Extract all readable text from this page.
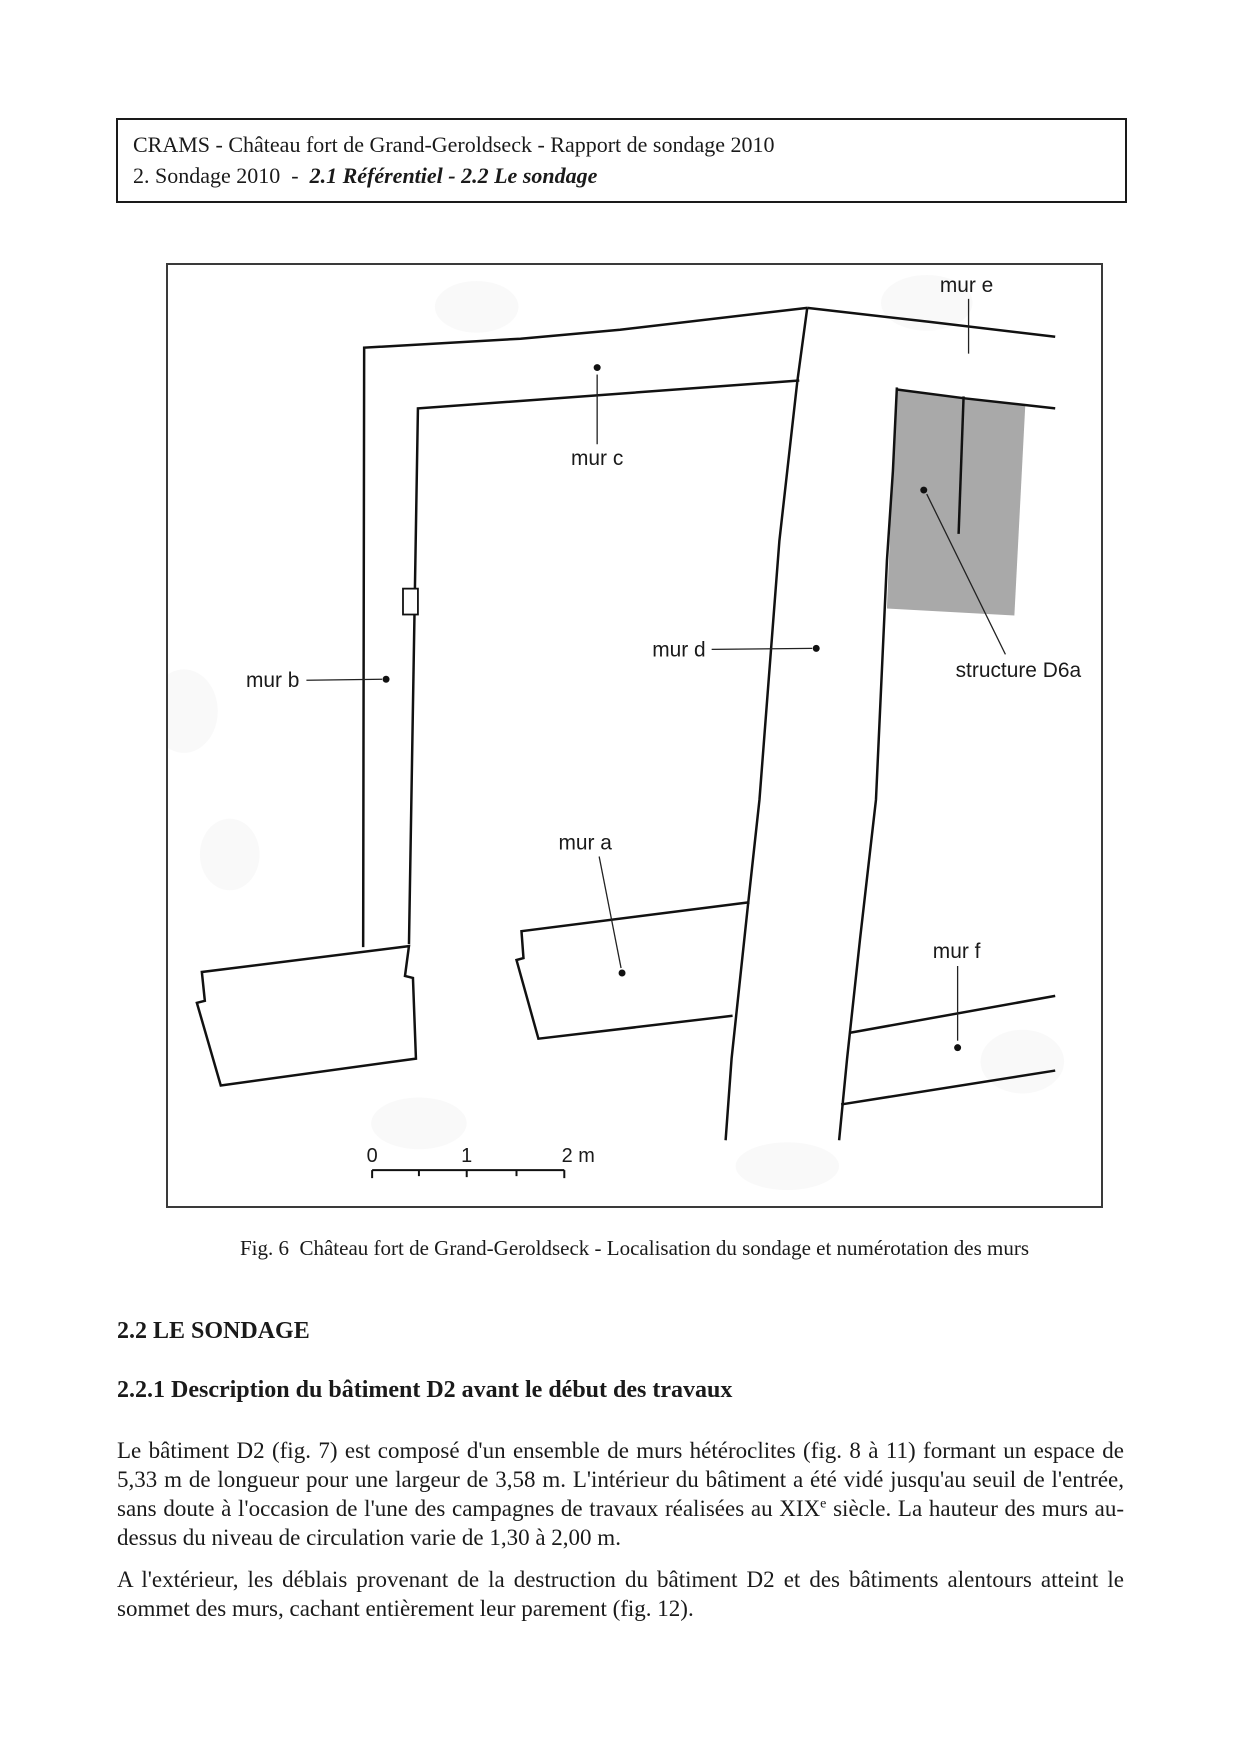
CRAMS - Château fort de Grand-Geroldseck - Rapport de sondage 2010
2. Sondage 2010  -  2.1 Référentiel - 2.2 Le sondage
mur e
mur c
mur b
mur d
mur a
mur f
structure D6a
0	1	2 m
Fig. 6  Château fort de Grand-Geroldseck - Localisation du sondage et numérotation des murs
2.2 LE SONDAGE
2.2.1 Description du bâtiment D2 avant le début des travaux

Le bâtiment D2 (fig. 7) est composé d'un ensemble de murs hétéroclites (fig. 8 à 11) formant un espace de 5,33 m de longueur pour une largeur de 3,58 m. L'intérieur du bâtiment a été vidé jusqu'au seuil de l'entrée, sans doute à l'occasion de l'une des campagnes de travaux réalisées au XIXe siècle. La hauteur des murs au-dessus du niveau de circulation varie de 1,30 à 2,00 m.

A l'extérieur, les déblais provenant de la destruction du bâtiment D2 et des bâtiments alentours atteint le sommet des murs, cachant entièrement leur parement (fig. 12).
